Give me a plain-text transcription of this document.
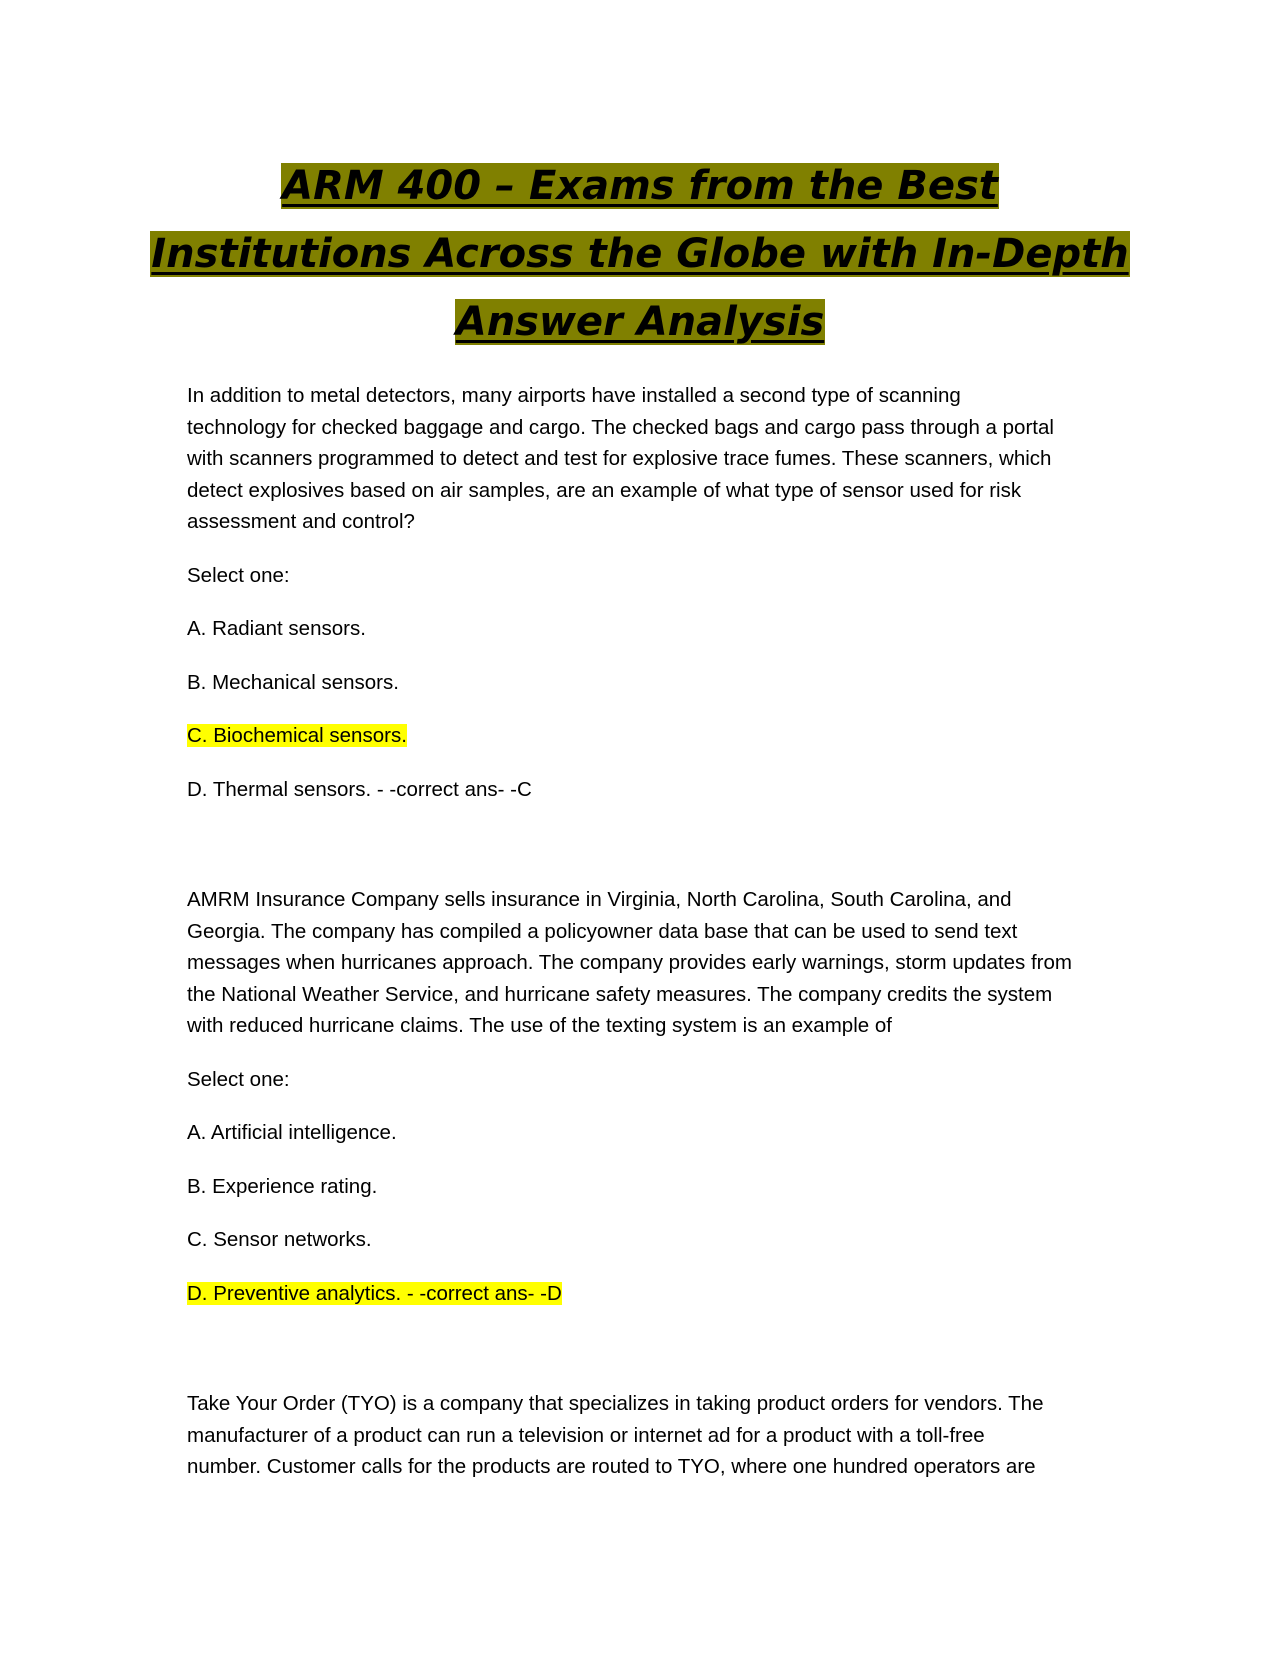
ARM 400 – Exams from the Best
Institutions Across the Globe with In-Depth
Answer Analysis

In addition to metal detectors, many airports have installed a second type of scanning
technology for checked baggage and cargo. The checked bags and cargo pass through a portal
with scanners programmed to detect and test for explosive trace fumes. These scanners, which
detect explosives based on air samples, are an example of what type of sensor used for risk
assessment and control?

Select one:

A. Radiant sensors.

B. Mechanical sensors.

C. Biochemical sensors.

D. Thermal sensors. - -correct ans- -C

AMRM Insurance Company sells insurance in Virginia, North Carolina, South Carolina, and
Georgia. The company has compiled a policyowner data base that can be used to send text
messages when hurricanes approach. The company provides early warnings, storm updates from
the National Weather Service, and hurricane safety measures. The company credits the system
with reduced hurricane claims. The use of the texting system is an example of

Select one:

A. Artificial intelligence.

B. Experience rating.

C. Sensor networks.

D. Preventive analytics. - -correct ans- -D

Take Your Order (TYO) is a company that specializes in taking product orders for vendors. The
manufacturer of a product can run a television or internet ad for a product with a toll-free
number. Customer calls for the products are routed to TYO, where one hundred operators are
